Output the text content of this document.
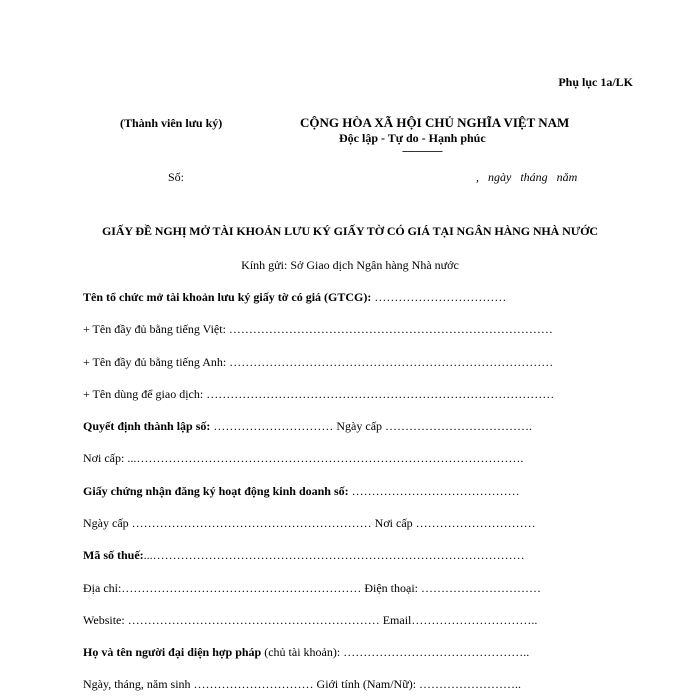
Phụ lục 1a/LK
(Thành viên lưu ký)	CỘNG HÒA XÃ HỘI CHỦ NGHĨA VIỆT NAM
Độc lập - Tự do - Hạnh phúc
---------------
Số:	, ngày tháng năm
GIẤY ĐỀ NGHỊ MỞ TÀI KHOẢN LƯU KÝ GIẤY TỜ CÓ GIÁ TẠI NGÂN HÀNG NHÀ NƯỚC
Kính gửi: Sở Giao dịch Ngân hàng Nhà nước
Tên tổ chức mở tài khoản lưu ký giấy tờ có giá (GTCG): ……………………………
+ Tên đầy đủ bằng tiếng Việt: ………………………………………………………………………
+ Tên đầy đủ bằng tiếng Anh: ………………………………………………………………………
+ Tên dùng để giao dịch: ……………………………………………………………………………
Quyết định thành lập số: ………………………… Ngày cấp ……………………………….
Nơi cấp: ...…………………………………………………………………………………….
Giấy chứng nhận đăng ký hoạt động kinh doanh số: ……………………………………
Ngày cấp …………………………………………………… Nơi cấp …………………………
Mã số thuế:...…………………………………………………………………………………
Địa chỉ:…………………………………………………… Điện thoại: …………………………
Website: ……………………………………………………… Email…………………………..
Họ và tên người đại diện hợp pháp (chủ tài khoản): ………………………………………..
Ngày, tháng, năm sinh ………………………… Giới tính (Nam/Nữ): ……………………..
